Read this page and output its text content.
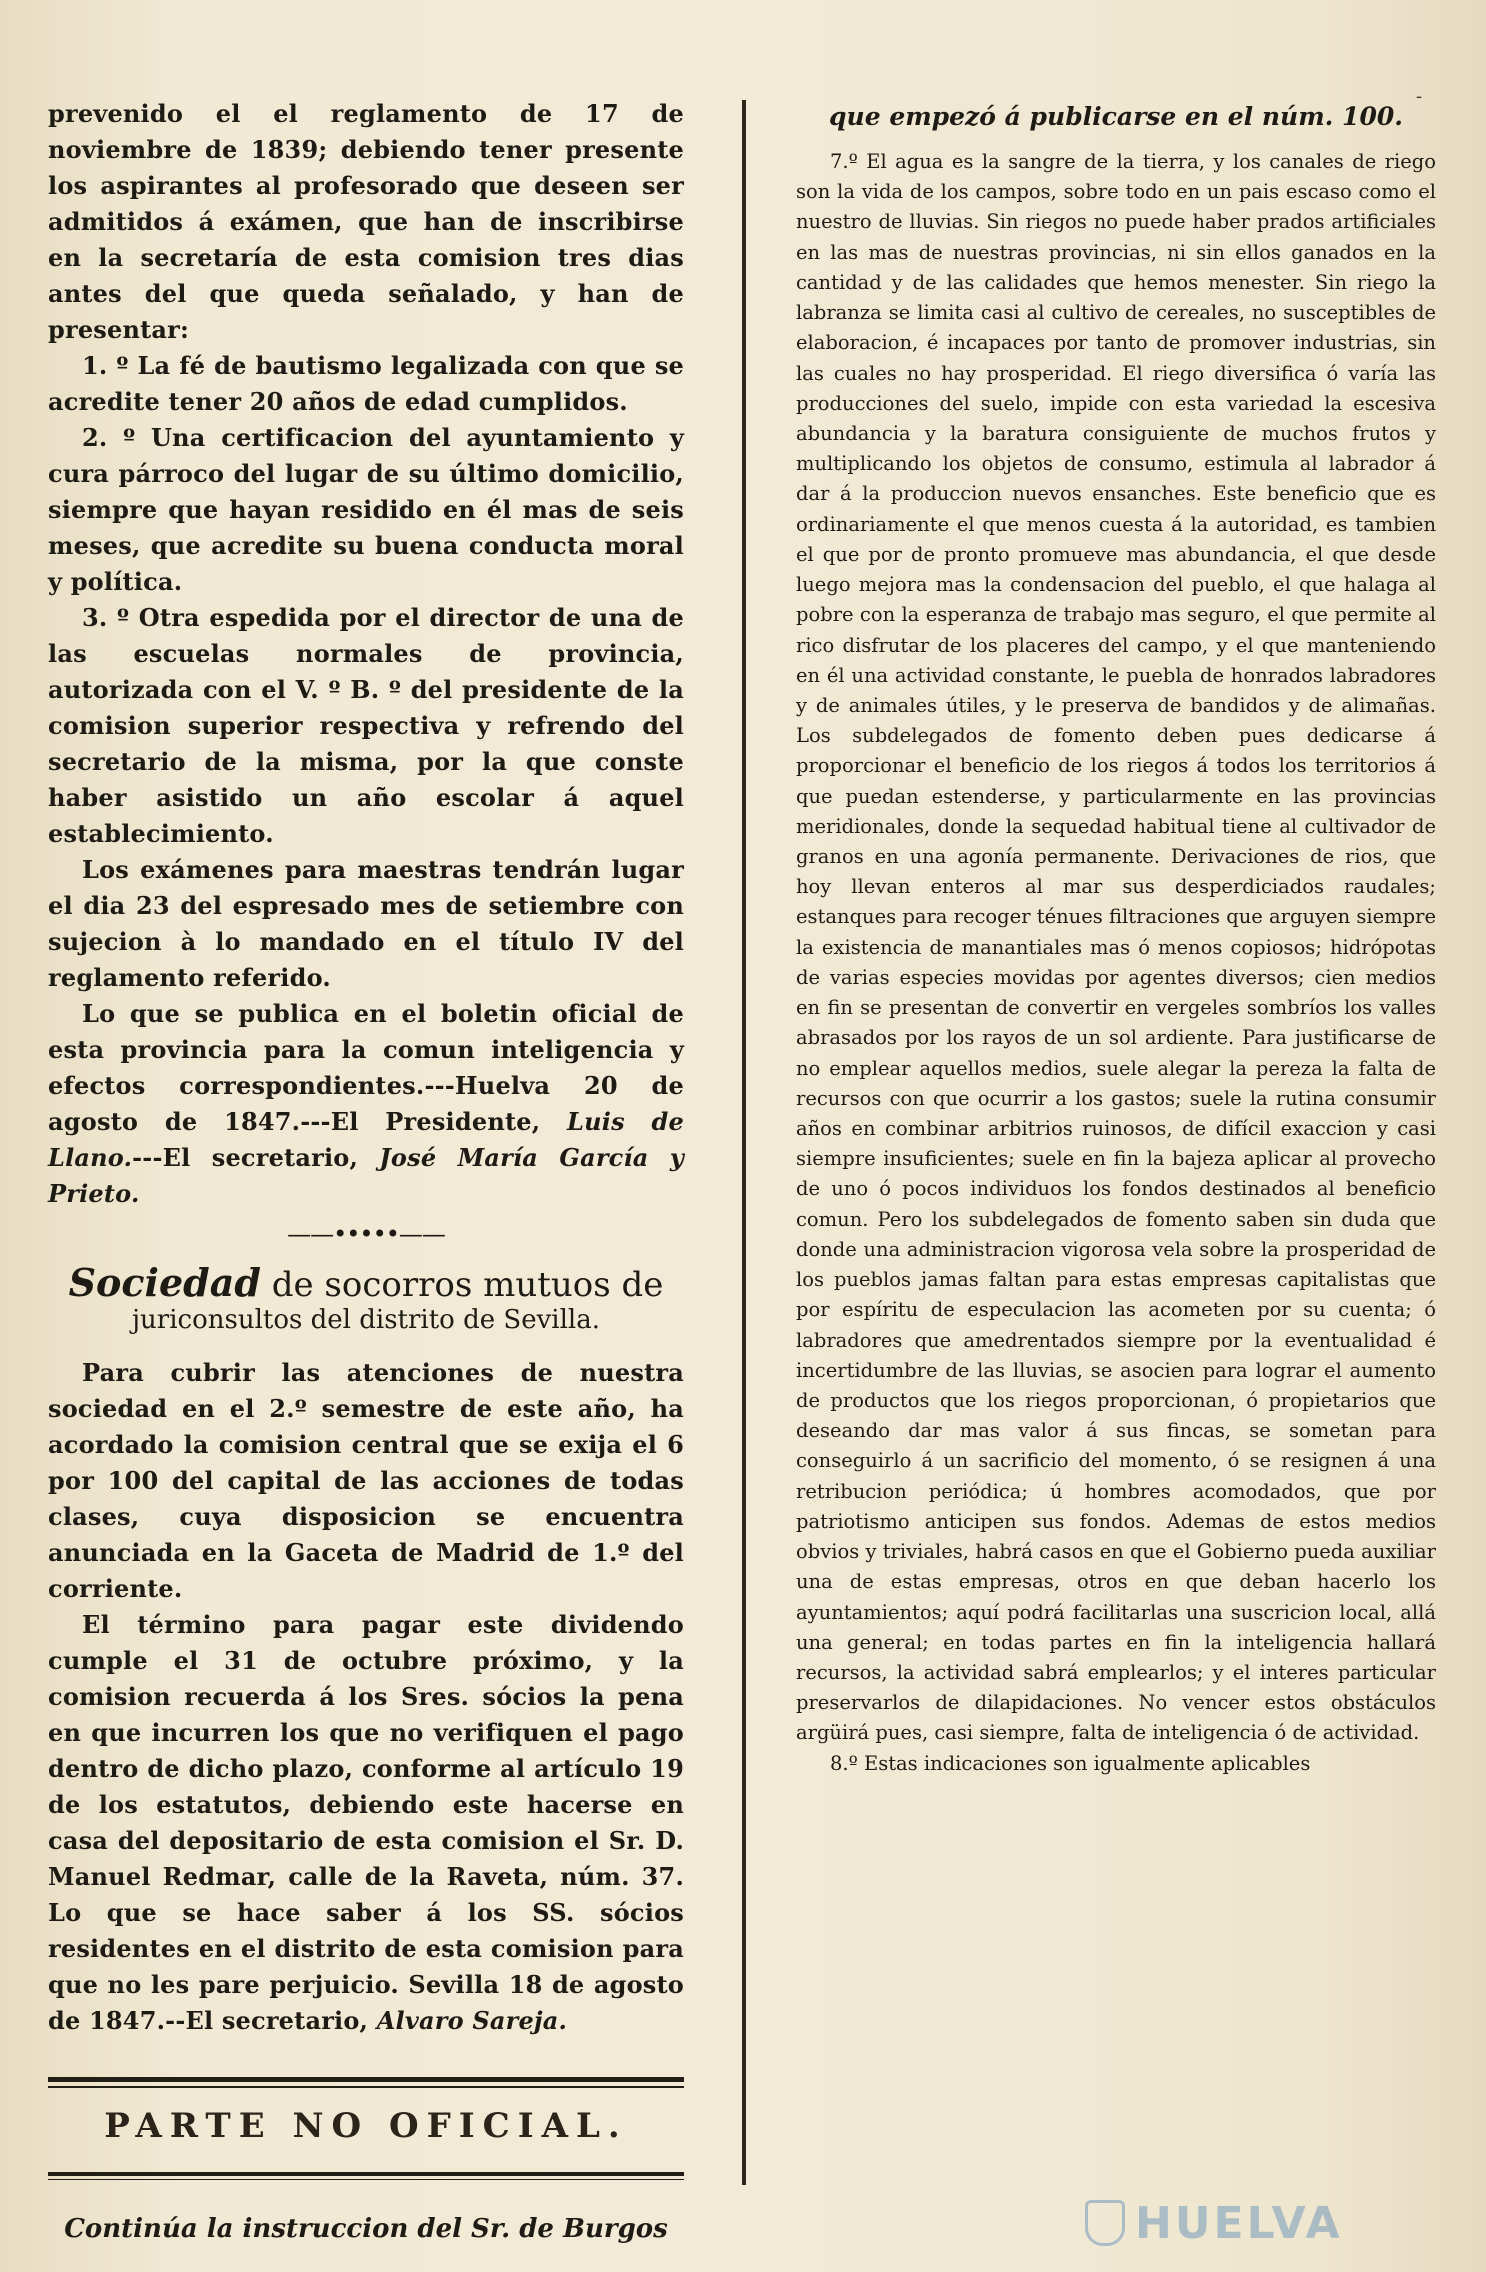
-

prevenido el el reglamento de 17 de noviembre de 1839; debiendo tener presente los aspirantes al profesorado que deseen ser admitidos á exámen, que han de inscribirse en la secretaría de esta comision tres dias antes del que queda señalado, y han de presentar:

1. º La fé de bautismo legalizada con que se acredite tener 20 años de edad cumplidos.

2. º Una certificacion del ayuntamiento y cura párroco del lugar de su último domicilio, siempre que hayan residido en él mas de seis meses, que acredite su buena conducta moral y política.

3. º Otra espedida por el director de una de las escuelas normales de provincia, autorizada con el V. º B. º del presidente de la comision superior respectiva y refrendo del secretario de la misma, por la que conste haber asistido un año escolar á aquel establecimiento.

Los exámenes para maestras tendrán lugar el dia 23 del espresado mes de setiembre con sujecion à lo mandado en el título IV del reglamento referido.

Lo que se publica en el boletin oficial de esta provincia para la comun inteligencia y efectos correspondientes.---Huelva 20 de agosto de 1847.---El Presidente, Luis de Llano.---El secretario, José María García y Prieto.

——•••••——
Sociedad de socorros mutuos de
juriconsultos del distrito de Sevilla.

Para cubrir las atenciones de nuestra sociedad en el 2.º semestre de este año, ha acordado la comision central que se exija el 6 por 100 del capital de las acciones de todas clases, cuya disposicion se encuentra anunciada en la Gaceta de Madrid de 1.º del corriente.

El término para pagar este dividendo cumple el 31 de octubre próximo, y la comision recuerda á los Sres. sócios la pena en que incurren los que no verifiquen el pago dentro de dicho plazo, conforme al artículo 19 de los estatutos, debiendo este hacerse en casa del depositario de esta comision el Sr. D. Manuel Redmar, calle de la Raveta, núm. 37. Lo que se hace saber á los SS. sócios residentes en el distrito de esta comision para que no les pare perjuicio. Sevilla 18 de agosto de 1847.--El secretario, Alvaro Sareja.

PARTE NO OFICIAL.
Continúa la instruccion del Sr. de Burgos
que empezó á publicarse en el núm. 100.

7.º El agua es la sangre de la tierra, y los canales de riego son la vida de los campos, sobre todo en un pais escaso como el nuestro de lluvias. Sin riegos no puede haber prados artificiales en las mas de nuestras provincias, ni sin ellos ganados en la cantidad y de las calidades que hemos menester. Sin riego la labranza se limita casi al cultivo de cereales, no susceptibles de elaboracion, é incapaces por tanto de promover industrias, sin las cuales no hay prosperidad. El riego diversifica ó varía las producciones del suelo, impide con esta variedad la escesiva abundancia y la baratura consiguiente de muchos frutos y multiplicando los objetos de consumo, estimula al labrador á dar á la produccion nuevos ensanches. Este beneficio que es ordinariamente el que menos cuesta á la autoridad, es tambien el que por de pronto promueve mas abundancia, el que desde luego mejora mas la condensacion del pueblo, el que halaga al pobre con la esperanza de trabajo mas seguro, el que permite al rico disfrutar de los placeres del campo, y el que manteniendo en él una actividad constante, le puebla de honrados labradores y de animales útiles, y le preserva de bandidos y de alimañas. Los subdelegados de fomento deben pues dedicarse á proporcionar el beneficio de los riegos á todos los territorios á que puedan estenderse, y particularmente en las provincias meridionales, donde la sequedad habitual tiene al cultivador de granos en una agonía permanente. Derivaciones de rios, que hoy llevan enteros al mar sus desperdiciados raudales; estanques para recoger ténues filtraciones que arguyen siempre la existencia de manantiales mas ó menos copiosos; hidrópotas de varias especies movidas por agentes diversos; cien medios en fin se presentan de convertir en vergeles sombríos los valles abrasados por los rayos de un sol ardiente. Para justificarse de no emplear aquellos medios, suele alegar la pereza la falta de recursos con que ocurrir a los gastos; suele la rutina consumir años en combinar arbitrios ruinosos, de difícil exaccion y casi siempre insuficientes; suele en fin la bajeza aplicar al provecho de uno ó pocos individuos los fondos destinados al beneficio comun. Pero los subdelegados de fomento saben sin duda que donde una administracion vigorosa vela sobre la prosperidad de los pueblos jamas faltan para estas empresas capitalistas que por espíritu de especulacion las acometen por su cuenta; ó labradores que amedrentados siempre por la eventualidad é incertidumbre de las lluvias, se asocien para lograr el aumento de productos que los riegos proporcionan, ó propietarios que deseando dar mas valor á sus fincas, se sometan para conseguirlo á un sacrificio del momento, ó se resignen á una retribucion periódica; ú hombres acomodados, que por patriotismo anticipen sus fondos. Ademas de estos medios obvios y triviales, habrá casos en que el Gobierno pueda auxiliar una de estas empresas, otros en que deban hacerlo los ayuntamientos; aquí podrá facilitarlas una suscricion local, allá una general; en todas partes en fin la inteligencia hallará recursos, la actividad sabrá emplearlos; y el interes particular preservarlos de dilapidaciones. No vencer estos obstáculos argüirá pues, casi siempre, falta de inteligencia ó de actividad.

8.º Estas indicaciones son igualmente aplicables

HUELVA
